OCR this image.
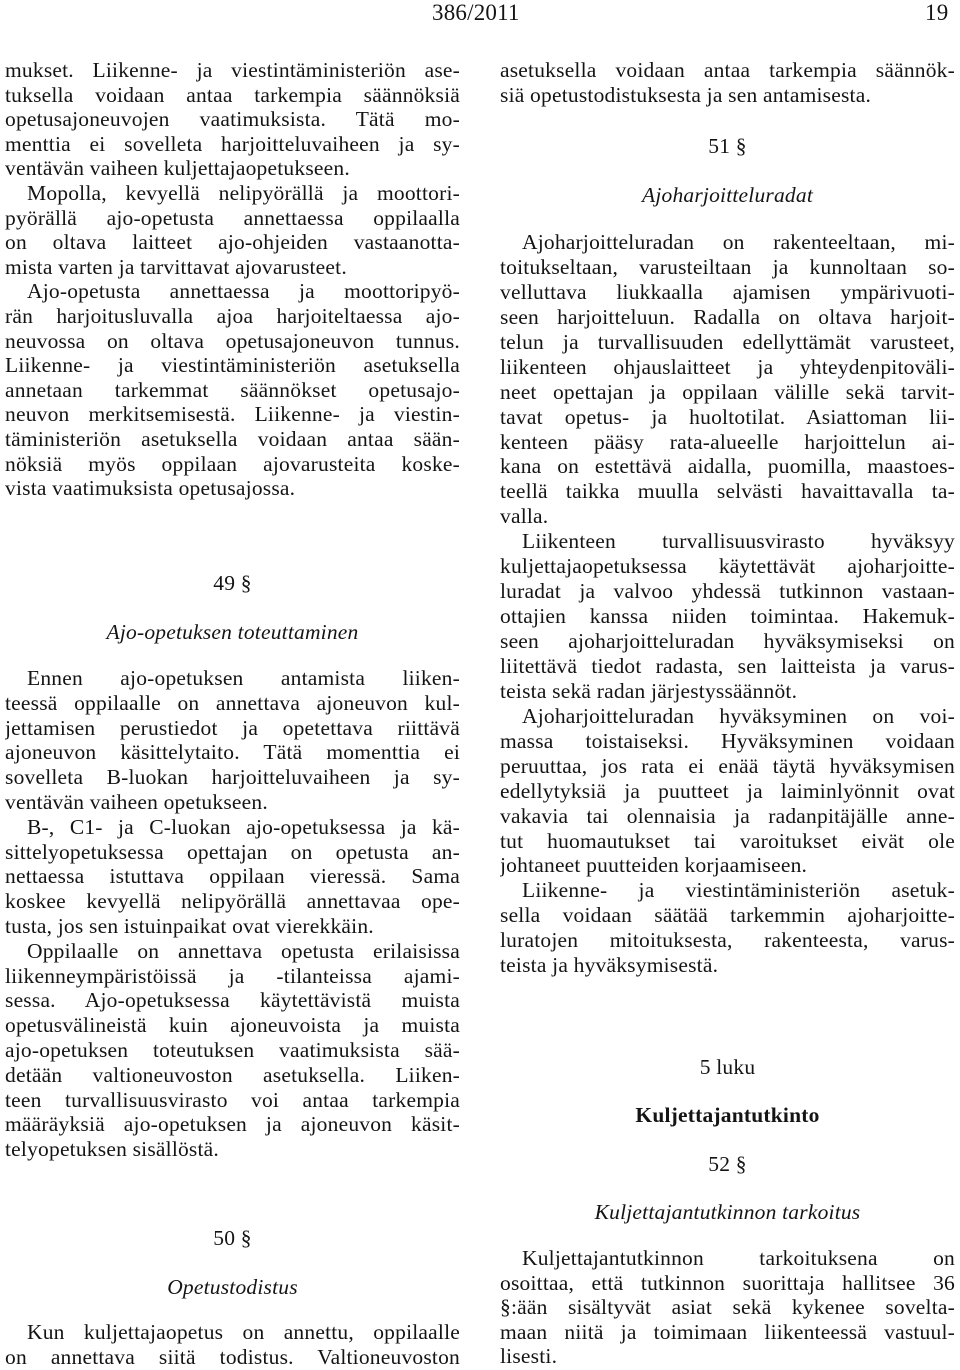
386/2011	19
mukset. Liikenne- ja viestintäministeriön ase-
tuksella voidaan antaa tarkempia säännöksiä
opetusajoneuvojen vaatimuksista. Tätä mo-
menttia ei sovelleta harjoitteluvaiheen ja sy-
ventävän vaiheen kuljettajaopetukseen.
Mopolla, kevyellä nelipyörällä ja moottori-
pyörällä ajo-opetusta annettaessa oppilaalla
on oltava laitteet ajo-ohjeiden vastaanotta-
mista varten ja tarvittavat ajovarusteet.
Ajo-opetusta annettaessa ja moottoripyö-
rän harjoitusluvalla ajoa harjoiteltaessa ajo-
neuvossa on oltava opetusajoneuvon tunnus.
Liikenne- ja viestintäministeriön asetuksella
annetaan tarkemmat säännökset opetusajo-
neuvon merkitsemisestä. Liikenne- ja viestin-
täministeriön asetuksella voidaan antaa sään-
nöksiä myös oppilaan ajovarusteita koske-
vista vaatimuksista opetusajossa.
49 §
Ajo-opetuksen toteuttaminen
Ennen ajo-opetuksen antamista liiken-
teessä oppilaalle on annettava ajoneuvon kul-
jettamisen perustiedot ja opetettava riittävä
ajoneuvon käsittelytaito. Tätä momenttia ei
sovelleta B-luokan harjoitteluvaiheen ja sy-
ventävän vaiheen opetukseen.
B-, C1- ja C-luokan ajo-opetuksessa ja kä-
sittelyopetuksessa opettajan on opetusta an-
nettaessa istuttava oppilaan vieressä. Sama
koskee kevyellä nelipyörällä annettavaa ope-
tusta, jos sen istuinpaikat ovat vierekkäin.
Oppilaalle on annettava opetusta erilaisissa
liikenneympäristöissä ja -tilanteissa ajami-
sessa. Ajo-opetuksessa käytettävistä muista
opetusvälineistä kuin ajoneuvoista ja muista
ajo-opetuksen toteutuksen vaatimuksista sää-
detään valtioneuvoston asetuksella. Liiken-
teen turvallisuusvirasto voi antaa tarkempia
määräyksiä ajo-opetuksen ja ajoneuvon käsit-
telyopetuksen sisällöstä.
50 §
Opetustodistus
Kun kuljettajaopetus on annettu, oppilaalle
on annettava siitä todistus. Valtioneuvoston
asetuksella voidaan antaa tarkempia säännök-
siä opetustodistuksesta ja sen antamisesta.
51 §
Ajoharjoitteluradat
Ajoharjoitteluradan on rakenteeltaan, mi-
toitukseltaan, varusteiltaan ja kunnoltaan so-
velluttava liukkaalla ajamisen ympärivuoti-
seen harjoitteluun. Radalla on oltava harjoit-
telun ja turvallisuuden edellyttämät varusteet,
liikenteen ohjauslaitteet ja yhteydenpitoväli-
neet opettajan ja oppilaan välille sekä tarvit-
tavat opetus- ja huoltotilat. Asiattoman lii-
kenteen pääsy rata-alueelle harjoittelun ai-
kana on estettävä aidalla, puomilla, maastoes-
teellä taikka muulla selvästi havaittavalla ta-
valla.
Liikenteen turvallisuusvirasto hyväksyy
kuljettajaopetuksessa käytettävät ajoharjoitte-
luradat ja valvoo yhdessä tutkinnon vastaan-
ottajien kanssa niiden toimintaa. Hakemuk-
seen ajoharjoitteluradan hyväksymiseksi on
liitettävä tiedot radasta, sen laitteista ja varus-
teista sekä radan järjestyssäännöt.
Ajoharjoitteluradan hyväksyminen on voi-
massa toistaiseksi. Hyväksyminen voidaan
peruuttaa, jos rata ei enää täytä hyväksymisen
edellytyksiä ja puutteet ja laiminlyönnit ovat
vakavia tai olennaisia ja radanpitäjälle anne-
tut huomautukset tai varoitukset eivät ole
johtaneet puutteiden korjaamiseen.
Liikenne- ja viestintäministeriön asetuk-
sella voidaan säätää tarkemmin ajoharjoitte-
luratojen mitoituksesta, rakenteesta, varus-
teista ja hyväksymisestä.
5 luku
Kuljettajantutkinto
52 §
Kuljettajantutkinnon tarkoitus
Kuljettajantutkinnon tarkoituksena on
osoittaa, että tutkinnon suorittaja hallitsee 36
§:ään sisältyvät asiat sekä kykenee sovelta-
maan niitä ja toimimaan liikenteessä vastuul-
lisesti.
